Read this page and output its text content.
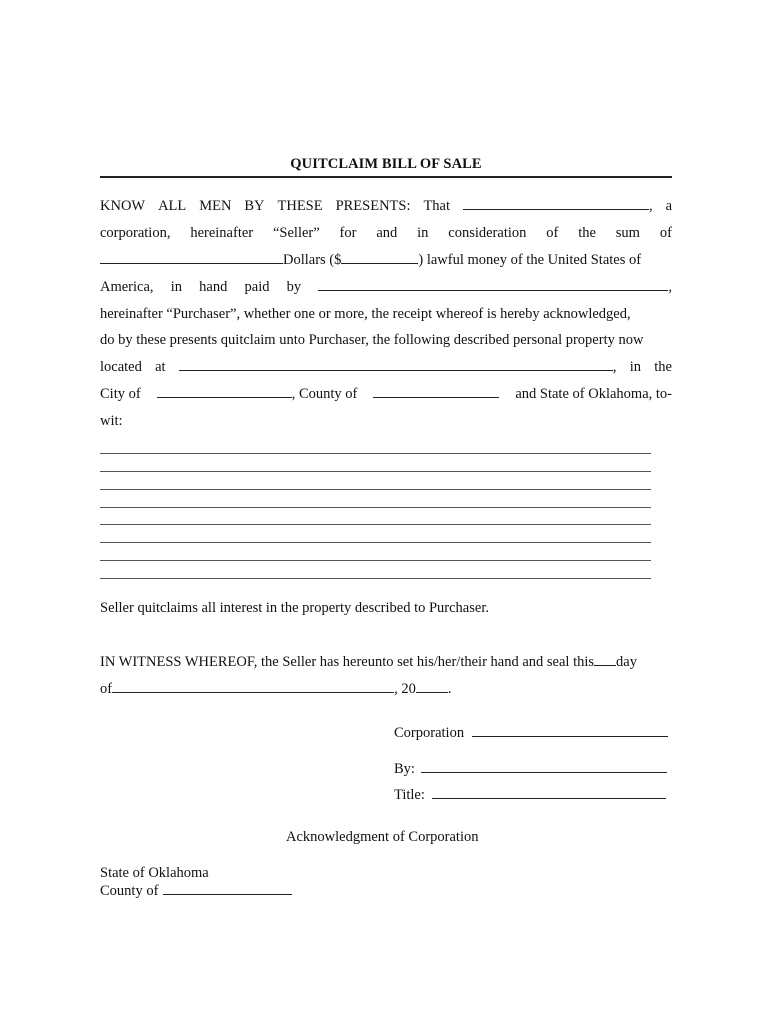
QUITCLAIM BILL OF SALE
KNOW ALL MEN BY THESE PRESENTS: That	, a
corporation, hereinafter “Seller” for and in consideration of the sum of
Dollars ($	) lawful money of the United States of
America, in hand paid by	,
hereinafter “Purchaser”, whether one or more, the receipt whereof is hereby acknowledged,
do by these presents quitclaim unto Purchaser, the following described personal property now
located at	, in the
City of	, County of	and State of Oklahoma, to-
wit:
Seller quitclaims all interest in the property described to Purchaser.
IN WITNESS WHEREOF, the Seller has hereunto set his/her/their hand and seal this day
of	, 20 .
Corporation
By:
Title:
Acknowledgment of Corporation
State of Oklahoma
County of
